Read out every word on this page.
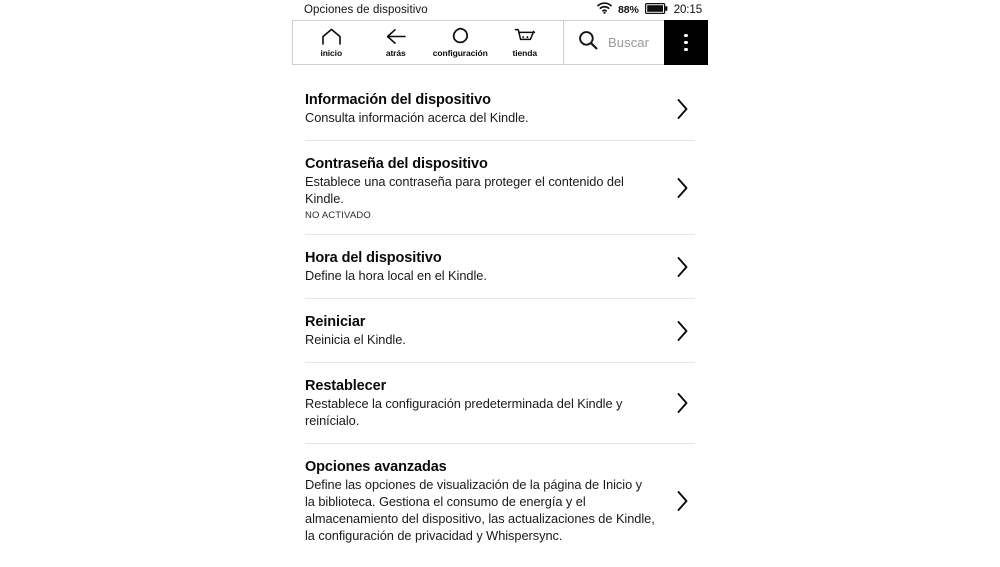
Opciones de dispositivo	88%	20:15
inicio	atrás	configuración	tienda
Buscar
Información del dispositivo
Consulta información acerca del Kindle.
Contraseña del dispositivo
Establece una contraseña para proteger el contenido del Kindle.
NO ACTIVADO
Hora del dispositivo
Define la hora local en el Kindle.
Reiniciar
Reinicia el Kindle.
Restablecer
Restablece la configuración predeterminada del Kindle y reinícialo.
Opciones avanzadas
Define las opciones de visualización de la página de Inicio y la biblioteca. Gestiona el consumo de energía y el almacenamiento del dispositivo, las actualizaciones de Kindle, la configuración de privacidad y Whispersync.
